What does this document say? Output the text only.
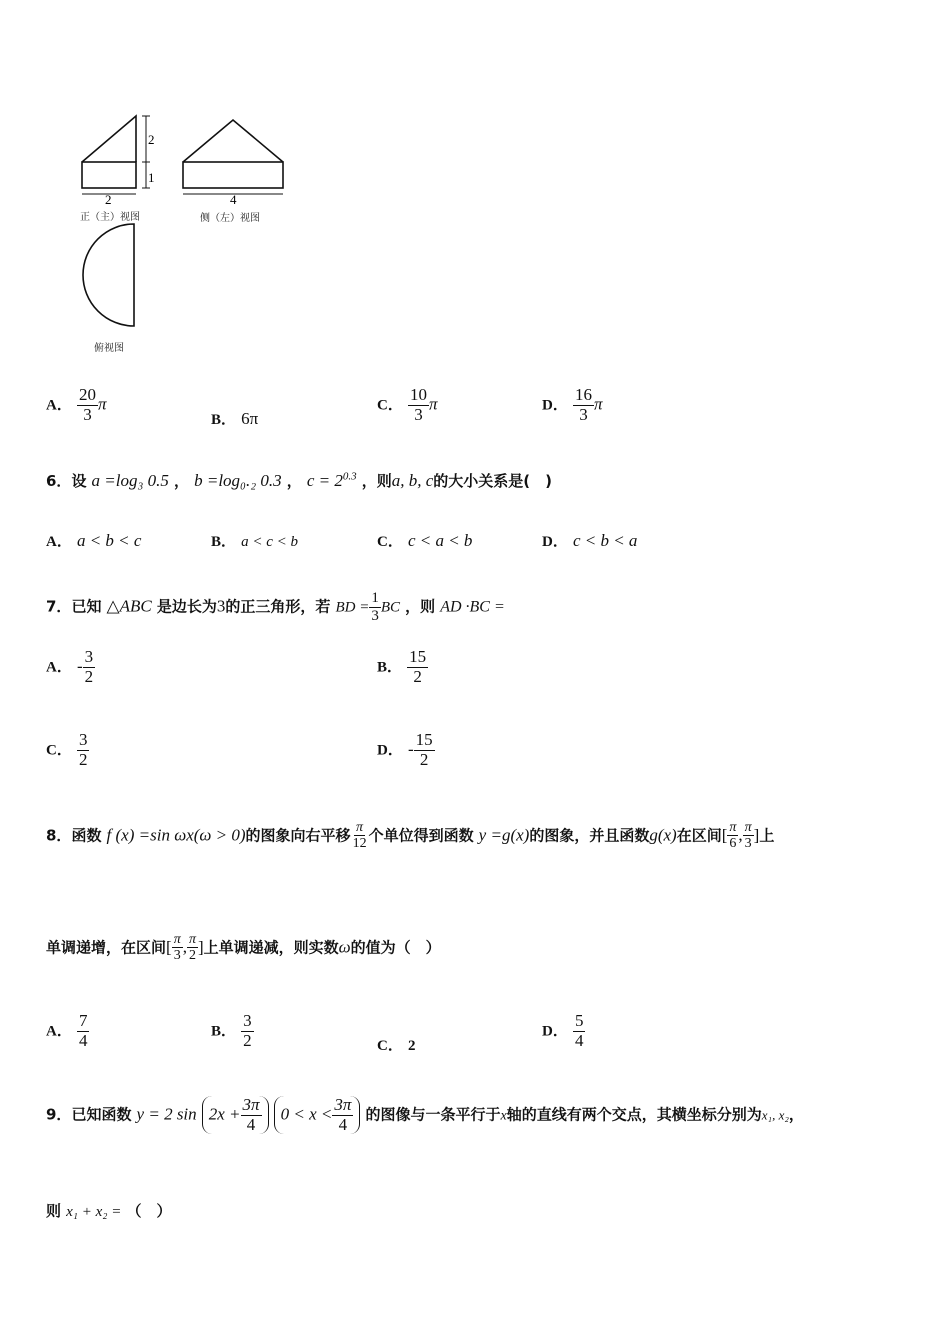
2
1
2	4
正（主）视图	侧（左）视图
俯视图
A． $\frac{20}{3}$ π
B． 6π
C． $\frac{10}{3}$ π	D． $\frac{16}{3}$ π
6．设 a =log₃ 0.5 ， b =log₀.₂ 0.3 ， $c = 2^{0.3}$ ，则a, b, c的大小关系是(　)
A． a < b < c	B． a < c < b	C． c < a < b	D． c < b < a
7．已知 △ABC 是边长为3的正三角形，若 BD = $\frac{1}{3}$ BC ，则 AD ·BC =
A． - $\frac{3}{2}$	B． $\frac{15}{2}$
C． $\frac{3}{2}$	D． - $\frac{15}{2}$
8．函数 f (x) =sin ωx(ω > 0)的图象向右平移 $\frac{\pi}{12}$ 个单位得到函数 y =g(x)的图象，并且函数g(x)在区间[ $\frac{\pi}{6}$ , $\frac{\pi}{3}$ ]上
单调递增，在区间[ $\frac{\pi}{3}$ , $\frac{\pi}{2}$ ]上单调递减，则实数ω的值为（　）
A． $\frac{7}{4}$	B． $\frac{3}{2}$	C． 2
D． $\frac{5}{4}$
9．已知函数 y = 2 $\sin 2x + \frac{3\pi}{4} 0 < x < \frac{3\pi}{4}$ 的图像与一条平行于x轴的直线有两个交点，其横坐标分别为x₁, x₂，
则 x₁ + x₂ = （　）
